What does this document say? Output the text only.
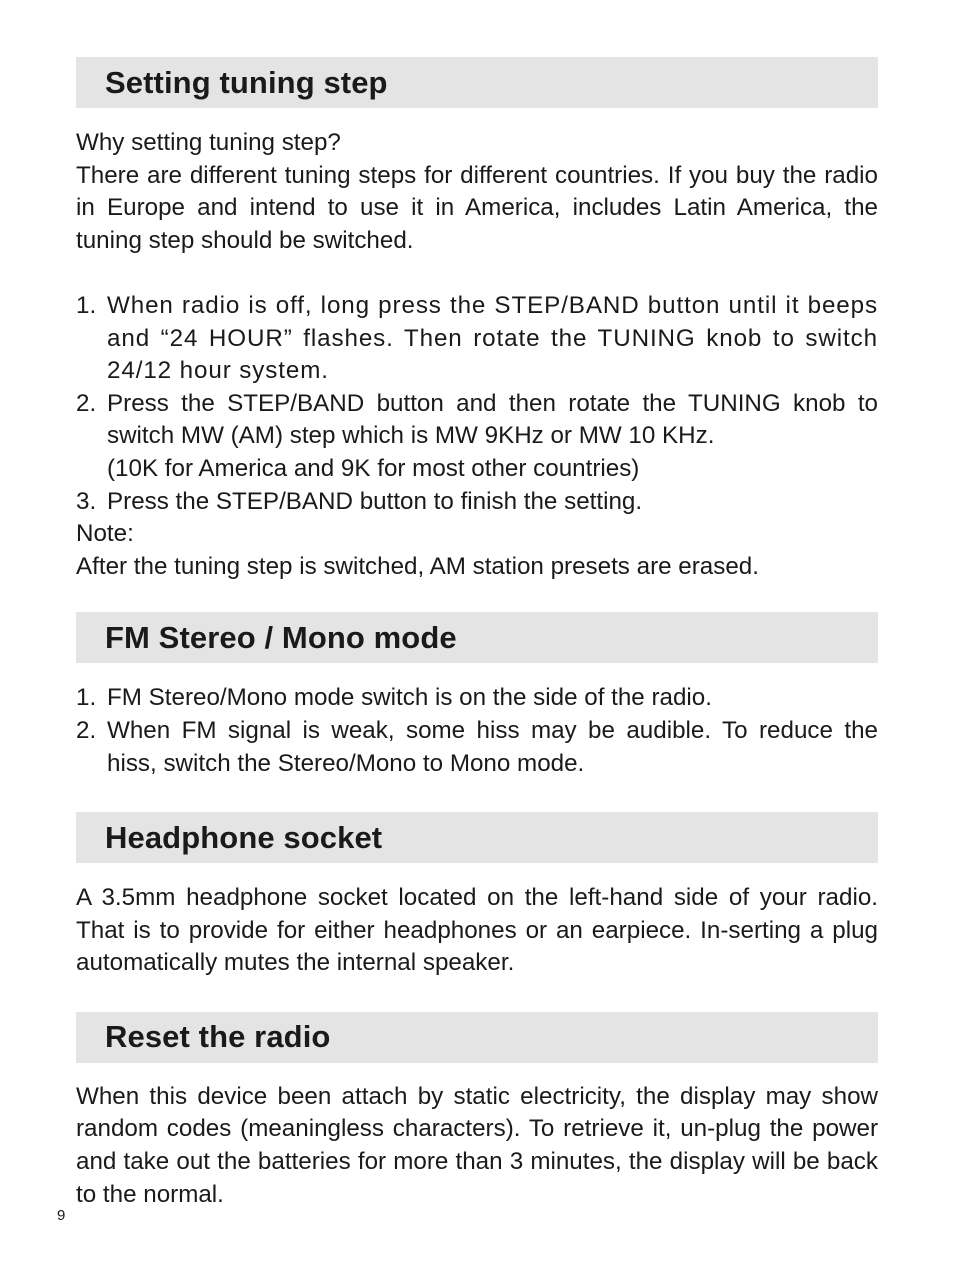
Setting tuning step

Why setting tuning step?

There are different tuning steps for different countries. If you buy the radio in Europe and intend to use it in America, includes Latin America, the tuning step should be switched.

1. When radio is off, long press the STEP/BAND button until it beeps and “24 HOUR” flashes. Then rotate the TUNING knob to switch 24/12 hour system.
2. Press the STEP/BAND button and then rotate the TUNING knob to switch MW (AM) step which is MW 9KHz or MW 10 KHz.
(10K for America and 9K for most other countries)
3. Press the STEP/BAND button to finish the setting.

Note:

After the tuning step is switched, AM station presets are erased.

FM Stereo / Mono mode
1. FM Stereo/Mono mode switch is on the side of the radio.
2. When FM signal is weak, some hiss may be audible. To reduce the hiss, switch the Stereo/Mono to Mono mode.
Headphone socket

A 3.5mm headphone socket located on the left-hand side of your radio. That is to provide for either headphones or an earpiece. In-serting a plug automatically mutes the internal speaker.

Reset the radio

When this device been attach by static electricity, the display may show random codes (meaningless characters). To retrieve it, un-plug the power and take out the batteries for more than 3 minutes, the display will be back to the normal.

9
